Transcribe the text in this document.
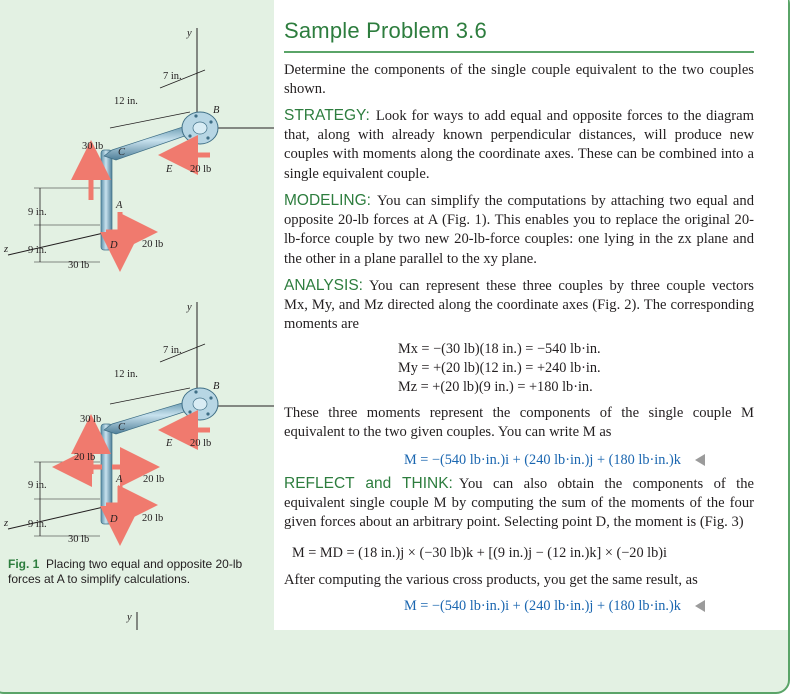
y
z
7 in.
12 in.
9 in.
9 in.
30 lb
30 lb
20 lb
20 lb
B
C
A
D
E
y
z
7 in.
12 in.
9 in.
9 in.
30 lb
30 lb
20 lb
20 lb
20 lb
20 lb
B
C
A
D
E
y
Fig. 1 Placing two equal and opposite 20-lb forces at A to simplify calculations.
Sample Problem 3.6
Determine the components of the single couple equivalent to the two couples shown.
STRATEGY: Look for ways to add equal and opposite forces to the diagram that, along with already known perpendicular distances, will produce new couples with moments along the coordinate axes. These can be combined into a single equivalent couple.
MODELING: You can simplify the computations by attaching two equal and opposite 20-lb forces at A (Fig. 1). This enables you to replace the original 20-lb-force couple by two new 20-lb-force couples: one lying in the zx plane and the other in a plane parallel to the xy plane.
ANALYSIS: You can represent these three couples by three couple vectors Mx, My, and Mz directed along the coordinate axes (Fig. 2). The corresponding moments are
Mx = −(30 lb)(18 in.) = −540 lb·in.
My = +(20 lb)(12 in.) = +240 lb·in.
Mz = +(20 lb)(9 in.) = +180 lb·in.
These three moments represent the components of the single couple M equivalent to the two given couples. You can write M as
M = −(540 lb·in.)i + (240 lb·in.)j + (180 lb·in.)k
REFLECT and THINK: You can also obtain the components of the equivalent single couple M by computing the sum of the moments of the four given forces about an arbitrary point. Selecting point D, the moment is (Fig. 3)
M = MD = (18 in.)j × (−30 lb)k + [(9 in.)j − (12 in.)k] × (−20 lb)i
After computing the various cross products, you get the same result, as
M = −(540 lb·in.)i + (240 lb·in.)j + (180 lb·in.)k
